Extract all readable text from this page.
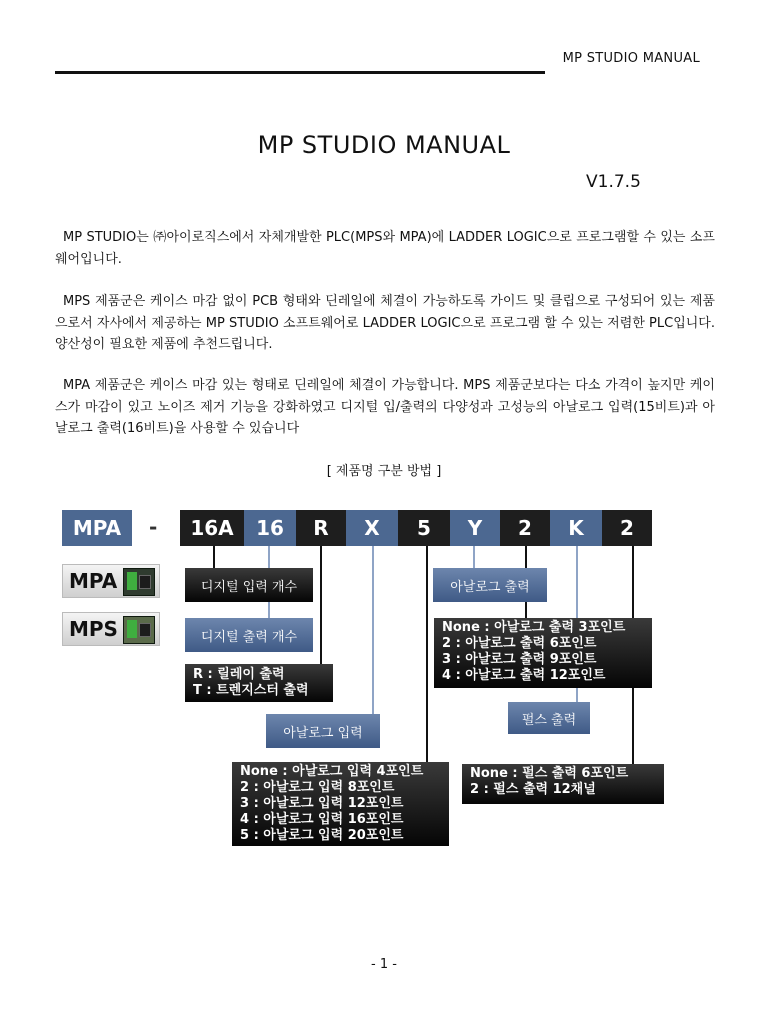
MP STUDIO MANUAL
MP STUDIO MANUAL
V1.7.5
MP STUDIO는 ㈜아이로직스에서 자체개발한 PLC(MPS와 MPA)에 LADDER LOGIC으로 프로그램할 수 있는 소프웨어입니다.
MPS 제품군은 케이스 마감 없이 PCB 형태와 딘레일에 체결이 가능하도록 가이드 및 클립으로 구성되어 있는 제품으로서 자사에서 제공하는 MP STUDIO 소프트웨어로 LADDER LOGIC으로 프로그램 할 수 있는 저렴한 PLC입니다. 양산성이 필요한 제품에 추천드립니다.
MPA 제품군은 케이스 마감 있는 형태로 딘레일에 체결이 가능합니다. MPS 제품군보다는 다소 가격이 높지만 케이스가 마감이 있고 노이즈 제거 기능을 강화하였고 디지털 입/출력의 다양성과 고성능의 아날로그 입력(15비트)과 아날로그 출력(16비트)을 사용할 수 있습니다
[ 제품명 구분 방법 ]
MPA	-	16A	16	R	X	5	Y	2	K	2
MPA
MPS
디지털 입력 개수
디지털 출력 개수
R : 릴레이 출력
T : 트렌지스터 출력
아날로그 입력
None : 아날로그 입력 4포인트
2 : 아날로그 입력 8포인트
3 : 아날로그 입력 12포인트
4 : 아날로그 입력 16포인트
5 : 아날로그 입력 20포인트
아날로그 출력
None : 아날로그 출력 3포인트
2 : 아날로그 출력 6포인트
3 : 아날로그 출력 9포인트
4 : 아날로그 출력 12포인트
펄스 출력
None : 펄스 출력 6포인트
2 : 펄스 출력 12채널
- 1 -
